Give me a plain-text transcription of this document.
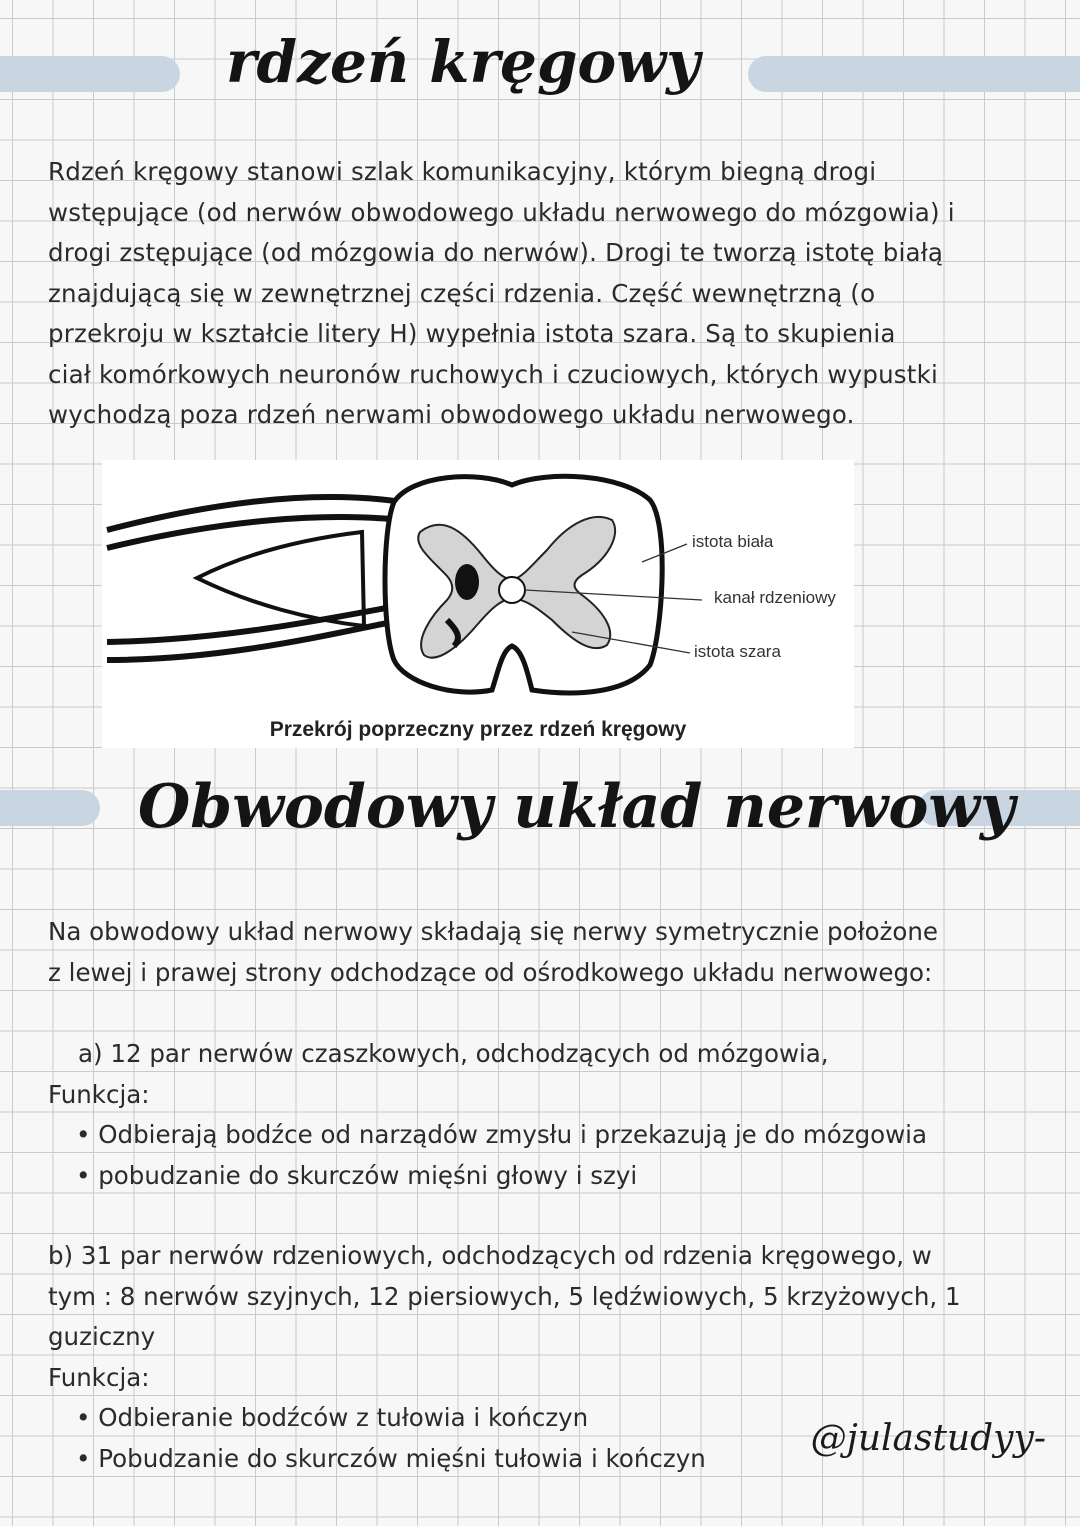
rdzeń kręgowy
Rdzeń kręgowy stanowi szlak komunikacyjny, którym biegną drogi
wstępujące (od nerwów obwodowego układu nerwowego do mózgowia) i
drogi zstępujące (od mózgowia do nerwów). Drogi te tworzą istotę białą
znajdującą się w zewnętrznej części rdzenia. Część wewnętrzną (o
przekroju w kształcie litery H) wypełnia istota szara. Są to skupienia
ciał komórkowych neuronów ruchowych i czuciowych, których wypustki
wychodzą poza rdzeń nerwami obwodowego układu nerwowego.
istota biała
kanał rdzeniowy
istota szara
Przekrój poprzeczny przez rdzeń kręgowy
Obwodowy układ nerwowy
Na obwodowy układ nerwowy składają się nerwy symetrycznie położone
z lewej i prawej strony odchodzące od ośrodkowego układu nerwowego:
a) 12 par nerwów czaszkowych, odchodzących od mózgowia,
Funkcja:
• Odbierają bodźce od narządów zmysłu i przekazują je do mózgowia
• pobudzanie do skurczów mięśni głowy i szyi
b) 31 par nerwów rdzeniowych, odchodzących od rdzenia kręgowego, w
tym : 8 nerwów szyjnych, 12 piersiowych, 5 lędźwiowych, 5 krzyżowych, 1
guziczny
Funkcja:
• Odbieranie bodźców z tułowia i kończyn
• Pobudzanie do skurczów mięśni tułowia i kończyn	@julastudyy-
